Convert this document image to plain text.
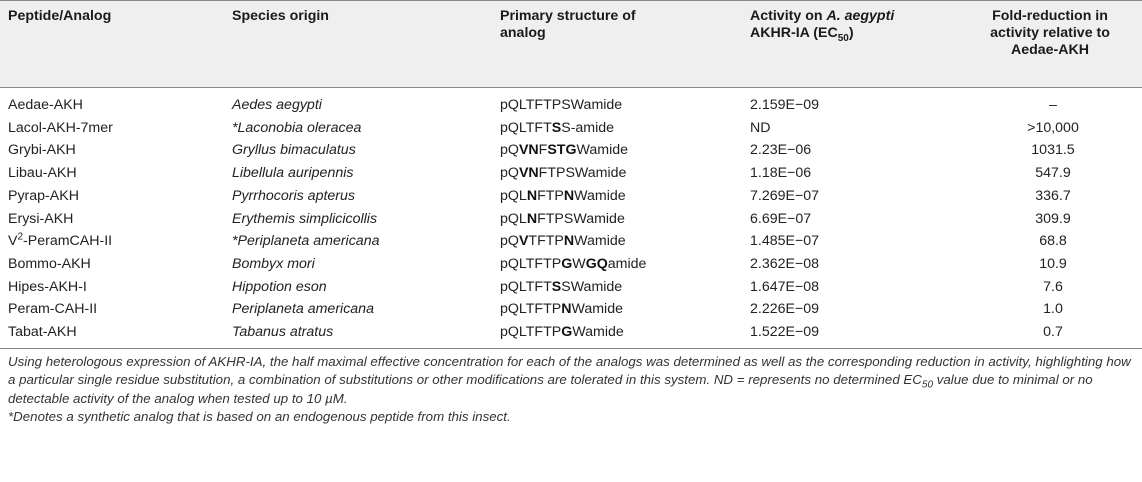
Peptide/Analog	Species origin	Primary structure of analog	Activity on A. aegypti AKHR-IA $(EC_{50})$	Fold-reduction in activity relative to Aedae-AKH
Aedae-AKH	Aedes aegypti	pQLTFTPSWamide	2.159E−09	–
Lacol-AKH-7mer	*Laconobia oleracea	pQLTFTSS-amide	ND	>10,000
Grybi-AKH	Gryllus bimaculatus	pQVNFSTGWamide	2.23E−06	1031.5
Libau-AKH	Libellula auripennis	pQVNFTPSWamide	1.18E−06	547.9
Pyrap-AKH	Pyrrhocoris apterus	pQLNFTPNWamide	7.269E−07	336.7
Erysi-AKH	Erythemis simplicicollis	pQLNFTPSWamide	6.69E−07	309.9
$V^2-PeramCAH-II$	*Periplaneta americana	pQVTFTPNWamide	1.485E−07	68.8
Bommo-AKH	Bombyx mori	pQLTFTPGWGQamide	2.362E−08	10.9
Hipes-AKH-I	Hippotion eson	pQLTFTSSWamide	1.647E−08	7.6
Peram-CAH-II	Periplaneta americana	pQLTFTPNWamide	2.226E−09	1.0
Tabat-AKH	Tabanus atratus	pQLTFTPGWamide	1.522E−09	0.7

Using heterologous expression of AKHR-IA, the half maximal effective concentration for each of the analogs was determined as well as the corresponding reduction in activity, highlighting how a particular single residue substitution, a combination of substitutions or other modifications are tolerated in this system. ND = represents no determined $EC_{50}$ value due to minimal or no detectable activity of the analog when tested up to 10 µM.

*Denotes a synthetic analog that is based on an endogenous peptide from this insect.
